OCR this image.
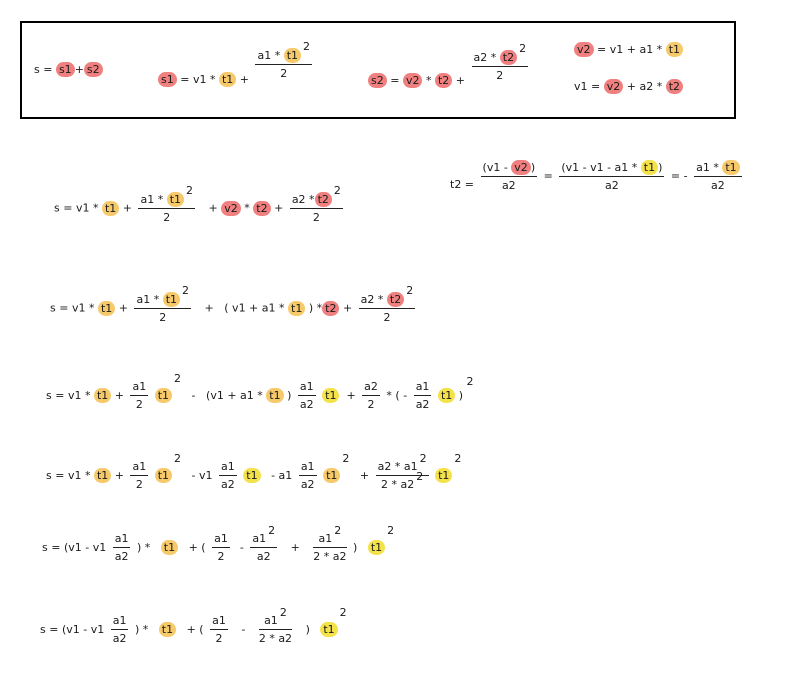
s = s1 + s2
$s1 = v1 * t1 + \frac{a1 * t12}{2}$	$s2 = v2 * t2 + \frac{a2 * t22}{2}$
v2 = v1 + a1 * t1
v1 = v2 + a2 * t2
$t2 = \frac{(v1 - v2 )}{a2} = \frac{(v1 - v1 - a1 * t1 )}{a2}$ = - $\frac{a1 * t1}{a2}$
$s = v1 * t1 + \frac{a1 * t12}{2} + v2 * t2 + \frac{a2 * t22}{2}$
$s = v1 * t1 + \frac{a1 * t12}{2}$ + ( v1 + a1 * t1 ) * $t2 + \frac{a2 * t22}{2}$
$s = v1 * t1 + \frac{a1}{2} t12 - (v1 + a1 * t1$ ) $\frac{a1}{a2} t1 + \frac{a2}{2}$ * ( - $\frac{a1}{a2} t1$ ) 2
$s = v1 * t1 + \frac{a1}{2} t12 - v1 \frac{a1}{a2} t1 - a1 \frac{a1}{a2} t12 + \frac{a2 * a12}{2 * a22} t12$
$s = (v1 - v1 \frac{a1}{a2}$ ) * t1 + ( $\frac{a1}{2} - \frac{a12}{a2} + \frac{a12}{2 * a2}$ ) t12
$s = (v1 - v1 \frac{a1}{a2}$ ) * t1 + ( $\frac{a1}{2} - \frac{a12}{2 * a2}$ ) t12
